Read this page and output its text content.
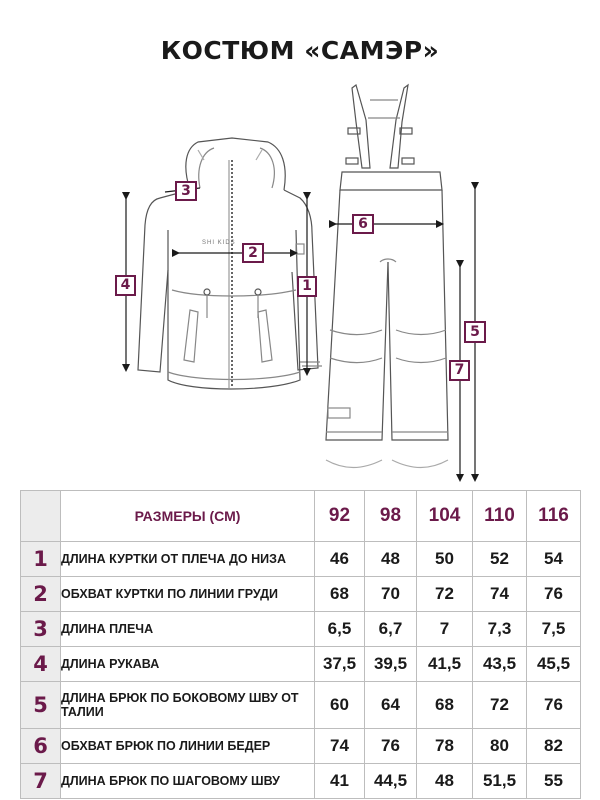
КОСТЮМ «САМЭР»
SHI KIDS
3
2
4	1
6
5
7
	РАЗМЕРЫ (СМ)	92	98	104	110	116
1	ДЛИНА КУРТКИ ОТ ПЛЕЧА ДО НИЗА	46	48	50	52	54
2	ОБХВАТ КУРТКИ ПО ЛИНИИ ГРУДИ	68	70	72	74	76
3	ДЛИНА ПЛЕЧА	6,5	6,7	7	7,3	7,5
4	ДЛИНА РУКАВА	37,5	39,5	41,5	43,5	45,5
5	ДЛИНА БРЮК ПО БОКОВОМУ ШВУ ОТ ТАЛИИ	60	64	68	72	76
6	ОБХВАТ БРЮК ПО ЛИНИИ БЕДЕР	74	76	78	80	82
7	ДЛИНА БРЮК ПО ШАГОВОМУ ШВУ	41	44,5	48	51,5	55
